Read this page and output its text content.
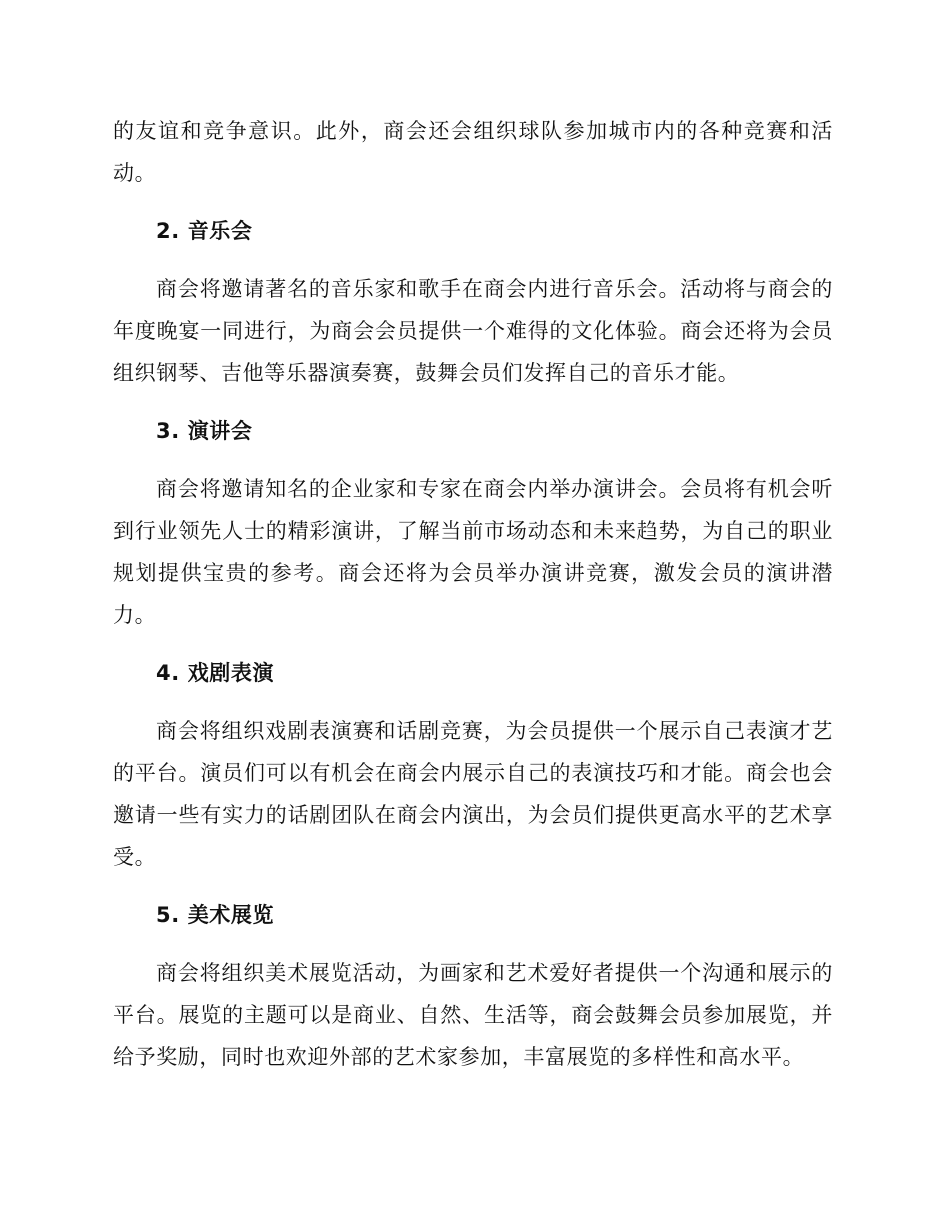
的友谊和竞争意识。此外，商会还会组织球队参加城市内的各种竞赛和活动。

2. 音乐会

商会将邀请著名的音乐家和歌手在商会内进行音乐会。活动将与商会的年度晚宴一同进行，为商会会员提供一个难得的文化体验。商会还将为会员组织钢琴、吉他等乐器演奏赛，鼓舞会员们发挥自己的音乐才能。

3. 演讲会

商会将邀请知名的企业家和专家在商会内举办演讲会。会员将有机会听到行业领先人士的精彩演讲，了解当前市场动态和未来趋势，为自己的职业规划提供宝贵的参考。商会还将为会员举办演讲竞赛，激发会员的演讲潜力。

4. 戏剧表演

商会将组织戏剧表演赛和话剧竞赛，为会员提供一个展示自己表演才艺的平台。演员们可以有机会在商会内展示自己的表演技巧和才能。商会也会邀请一些有实力的话剧团队在商会内演出，为会员们提供更高水平的艺术享受。

5. 美术展览

商会将组织美术展览活动，为画家和艺术爱好者提供一个沟通和展示的平台。展览的主题可以是商业、自然、生活等，商会鼓舞会员参加展览，并给予奖励，同时也欢迎外部的艺术家参加，丰富展览的多样性和高水平。
